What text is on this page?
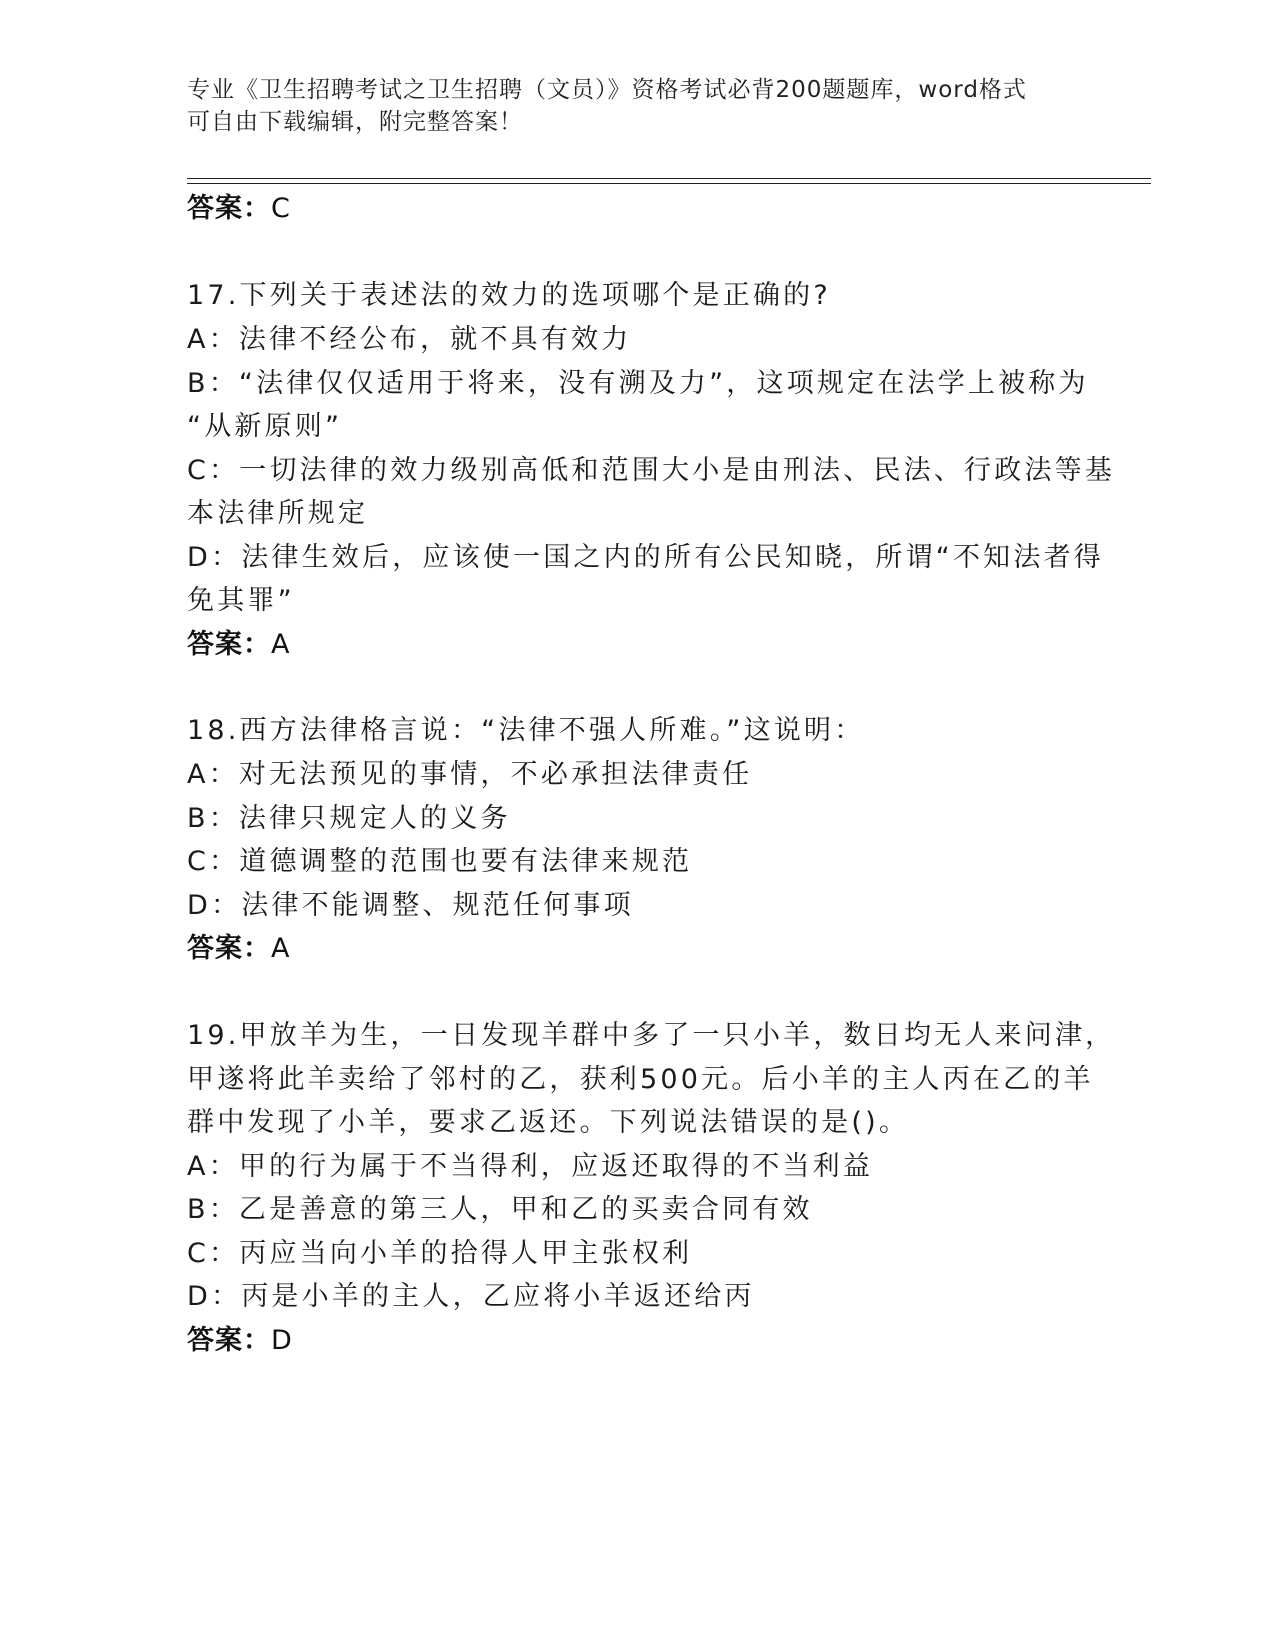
专业《卫生招聘考试之卫生招聘（文员）》资格考试必背200题题库，word格式
可自由下载编辑，附完整答案！
答案：C
17.下列关于表述法的效力的选项哪个是正确的?
A：法律不经公布，就不具有效力
B：“法律仅仅适用于将来，没有溯及力”，这项规定在法学上被称为
“从新原则”
C：一切法律的效力级别高低和范围大小是由刑法、民法、行政法等基
本法律所规定
D：法律生效后，应该使一国之内的所有公民知晓，所谓“不知法者得
免其罪”
答案：A
18.西方法律格言说：“法律不强人所难。”这说明：
A：对无法预见的事情，不必承担法律责任
B：法律只规定人的义务
C：道德调整的范围也要有法律来规范
D：法律不能调整、规范任何事项
答案：A
19.甲放羊为生，一日发现羊群中多了一只小羊，数日均无人来问津，
甲遂将此羊卖给了邻村的乙，获利500元。后小羊的主人丙在乙的羊
群中发现了小羊，要求乙返还。下列说法错误的是()。
A：甲的行为属于不当得利，应返还取得的不当利益
B：乙是善意的第三人，甲和乙的买卖合同有效
C：丙应当向小羊的拾得人甲主张权利
D：丙是小羊的主人，乙应将小羊返还给丙
答案：D
